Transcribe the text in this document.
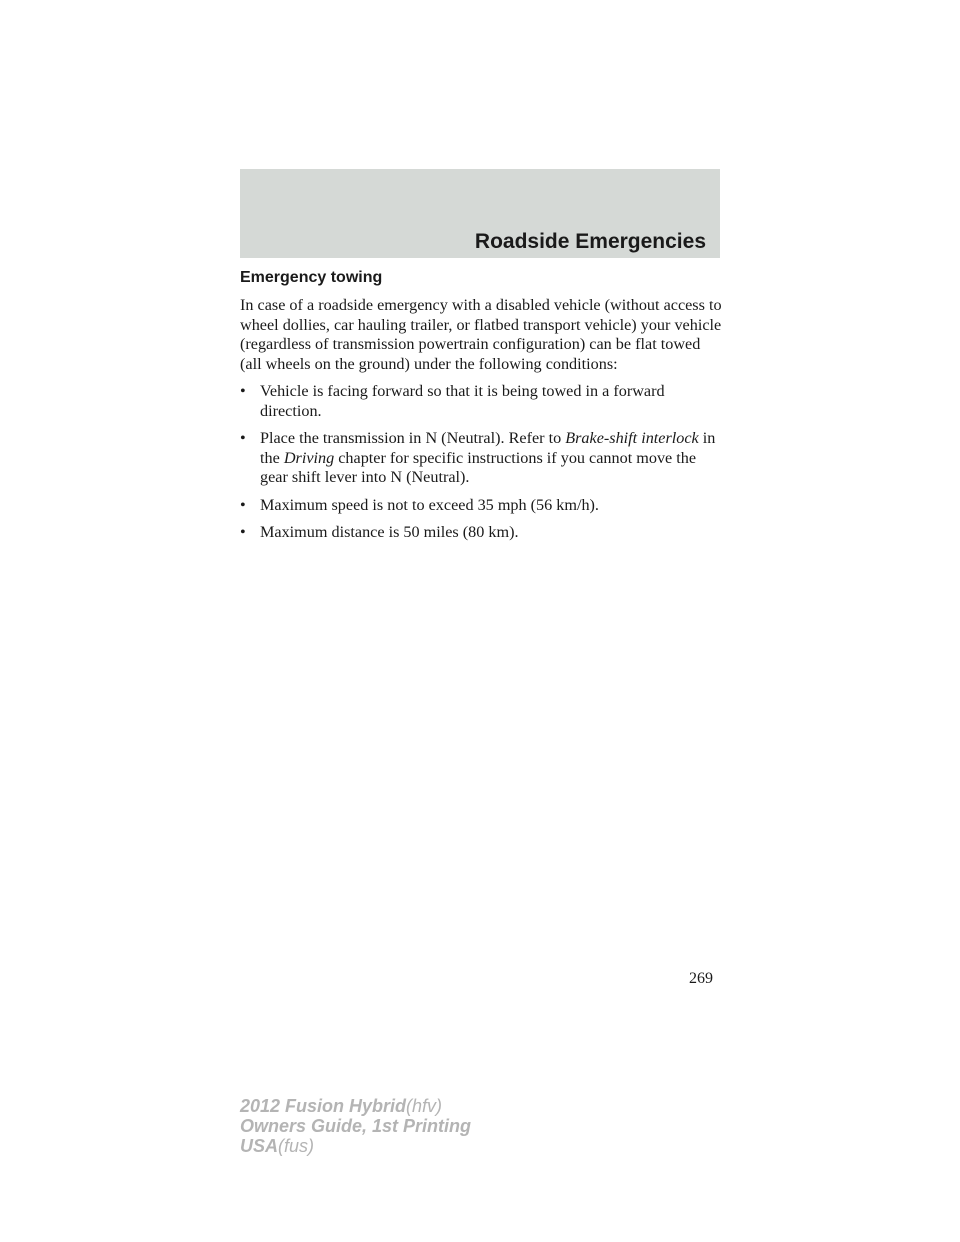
Roadside Emergencies
Emergency towing

In case of a roadside emergency with a disabled vehicle (without access to wheel dollies, car hauling trailer, or flatbed transport vehicle) your vehicle (regardless of transmission powertrain configuration) can be flat towed (all wheels on the ground) under the following conditions:

• Vehicle is facing forward so that it is being towed in a forward direction.
• Place the transmission in N (Neutral). Refer to Brake-shift interlock in the Driving chapter for specific instructions if you cannot move the gear shift lever into N (Neutral).
• Maximum speed is not to exceed 35 mph (56 km/h).
• Maximum distance is 50 miles (80 km).

269

2012 Fusion Hybrid(hfv)
Owners Guide, 1st Printing
USA(fus)
